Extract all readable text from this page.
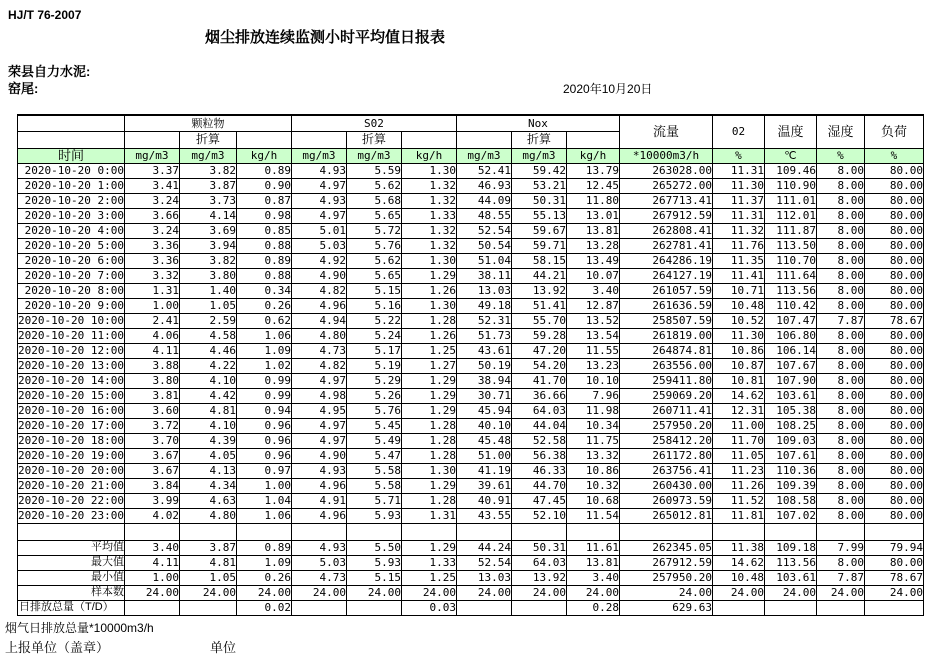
HJ/T 76-2007
烟尘排放连续监测小时平均值日报表
荣县自力水泥:
窑尾:	2020年10月20日
	颗粒物			S02			Nox			流量	02	温度	湿度	负荷
		折算			折算			折算						
时间	mg/m3	mg/m3	kg/h	mg/m3	mg/m3	kg/h	mg/m3	mg/m3	kg/h	*10000m3/h	%	℃	%	%
2020-10-20 0:00	3.37	3.82	0.89	4.93	5.59	1.30	52.41	59.42	13.79	263028.00	11.31	109.46	8.00	80.00
2020-10-20 1:00	3.41	3.87	0.90	4.97	5.62	1.32	46.93	53.21	12.45	265272.00	11.30	110.90	8.00	80.00
2020-10-20 2:00	3.24	3.73	0.87	4.93	5.68	1.32	44.09	50.31	11.80	267713.41	11.37	111.01	8.00	80.00
2020-10-20 3:00	3.66	4.14	0.98	4.97	5.65	1.33	48.55	55.13	13.01	267912.59	11.31	112.01	8.00	80.00
2020-10-20 4:00	3.24	3.69	0.85	5.01	5.72	1.32	52.54	59.67	13.81	262808.41	11.32	111.87	8.00	80.00
2020-10-20 5:00	3.36	3.94	0.88	5.03	5.76	1.32	50.54	59.71	13.28	262781.41	11.76	113.50	8.00	80.00
2020-10-20 6:00	3.36	3.82	0.89	4.92	5.62	1.30	51.04	58.15	13.49	264286.19	11.35	110.70	8.00	80.00
2020-10-20 7:00	3.32	3.80	0.88	4.90	5.65	1.29	38.11	44.21	10.07	264127.19	11.41	111.64	8.00	80.00
2020-10-20 8:00	1.31	1.40	0.34	4.82	5.15	1.26	13.03	13.92	3.40	261057.59	10.71	113.56	8.00	80.00
2020-10-20 9:00	1.00	1.05	0.26	4.96	5.16	1.30	49.18	51.41	12.87	261636.59	10.48	110.42	8.00	80.00
2020-10-20 10:00	2.41	2.59	0.62	4.94	5.22	1.28	52.31	55.70	13.52	258507.59	10.52	107.47	7.87	78.67
2020-10-20 11:00	4.06	4.58	1.06	4.80	5.24	1.26	51.73	59.28	13.54	261819.00	11.30	106.80	8.00	80.00
2020-10-20 12:00	4.11	4.46	1.09	4.73	5.17	1.25	43.61	47.20	11.55	264874.81	10.86	106.14	8.00	80.00
2020-10-20 13:00	3.88	4.22	1.02	4.82	5.19	1.27	50.19	54.20	13.23	263556.00	10.87	107.67	8.00	80.00
2020-10-20 14:00	3.80	4.10	0.99	4.97	5.29	1.29	38.94	41.70	10.10	259411.80	10.81	107.90	8.00	80.00
2020-10-20 15:00	3.81	4.42	0.99	4.98	5.26	1.29	30.71	36.66	7.96	259069.20	14.62	103.61	8.00	80.00
2020-10-20 16:00	3.60	4.81	0.94	4.95	5.76	1.29	45.94	64.03	11.98	260711.41	12.31	105.38	8.00	80.00
2020-10-20 17:00	3.72	4.10	0.96	4.97	5.45	1.28	40.10	44.04	10.34	257950.20	11.00	108.25	8.00	80.00
2020-10-20 18:00	3.70	4.39	0.96	4.97	5.49	1.28	45.48	52.58	11.75	258412.20	11.70	109.03	8.00	80.00
2020-10-20 19:00	3.67	4.05	0.96	4.90	5.47	1.28	51.00	56.38	13.32	261172.80	11.05	107.61	8.00	80.00
2020-10-20 20:00	3.67	4.13	0.97	4.93	5.58	1.30	41.19	46.33	10.86	263756.41	11.23	110.36	8.00	80.00
2020-10-20 21:00	3.84	4.34	1.00	4.96	5.58	1.29	39.61	44.70	10.32	260430.00	11.26	109.39	8.00	80.00
2020-10-20 22:00	3.99	4.63	1.04	4.91	5.71	1.28	40.91	47.45	10.68	260973.59	11.52	108.58	8.00	80.00
2020-10-20 23:00	4.02	4.80	1.06	4.96	5.93	1.31	43.55	52.10	11.54	265012.81	11.81	107.02	8.00	80.00

平均值	3.40	3.87	0.89	4.93	5.50	1.29	44.24	50.31	11.61	262345.05	11.38	109.18	7.99	79.94
最大值	4.11	4.81	1.09	5.03	5.93	1.33	52.54	64.03	13.81	267912.59	14.62	113.56	8.00	80.00
最小值	1.00	1.05	0.26	4.73	5.15	1.25	13.03	13.92	3.40	257950.20	10.48	103.61	7.87	78.67
样本数	24.00	24.00	24.00	24.00	24.00	24.00	24.00	24.00	24.00	24.00	24.00	24.00	24.00	24.00
日排放总量（T/D）			0.02			0.03			0.28	629.63				
烟气日排放总量*10000m3/h
上报单位（盖章）	单位
